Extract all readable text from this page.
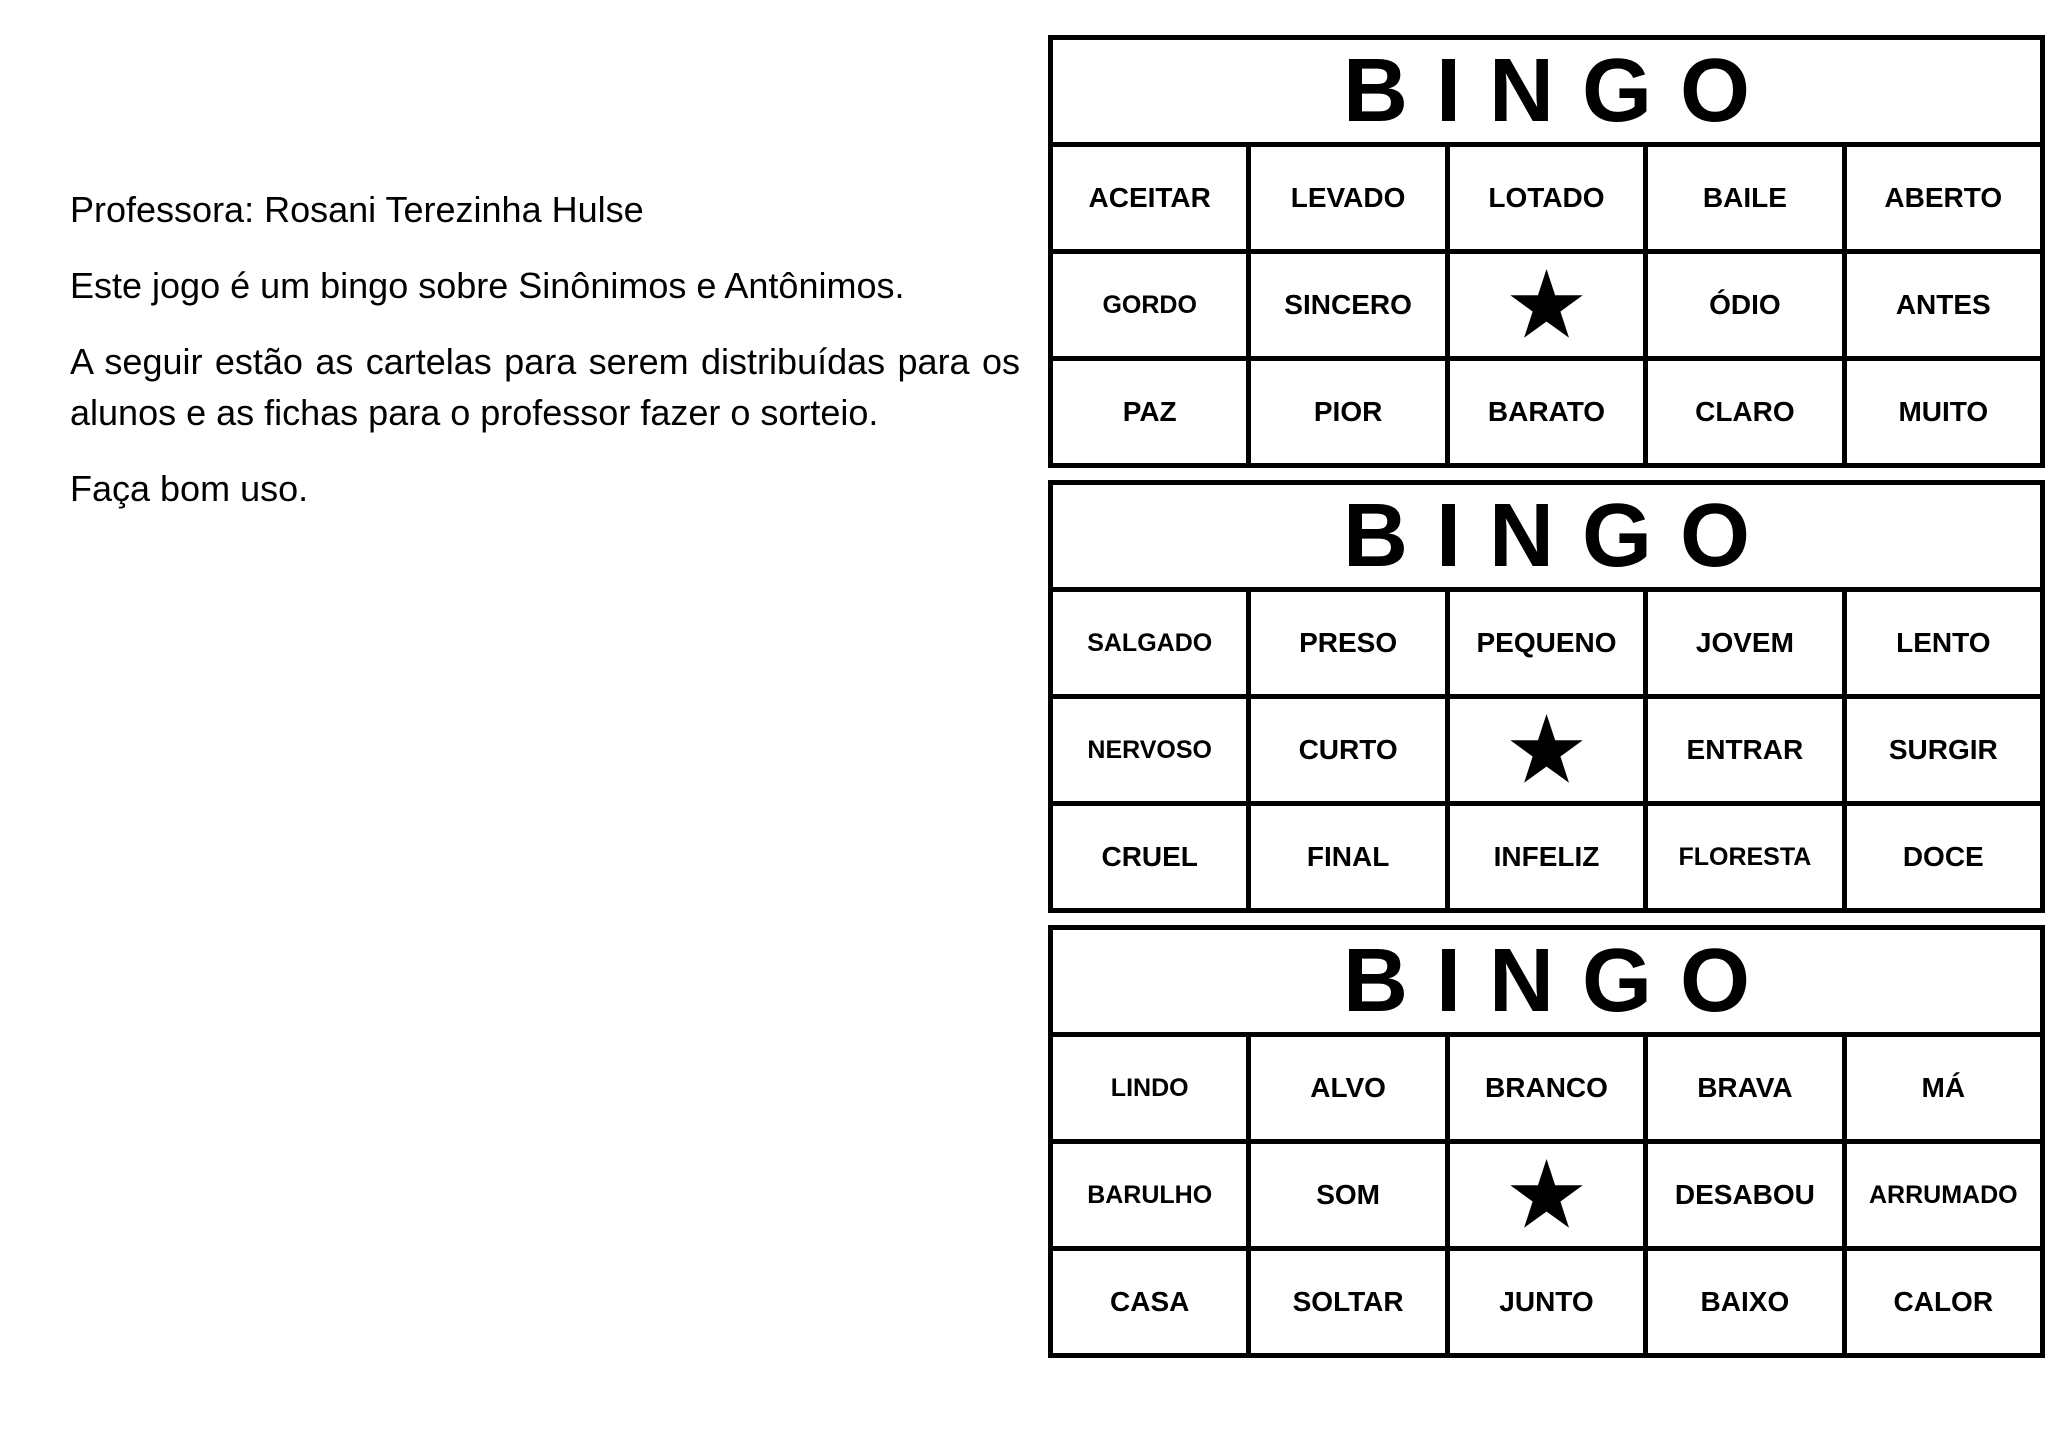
Professora: Rosani Terezinha Hulse

Este jogo é um bingo sobre Sinônimos e Antônimos.

A seguir estão as cartelas para serem distribuídas para os alunos e as fichas para o professor fazer o sorteio.

Faça bom uso.

BINGO
ACEITAR	LEVADO	LOTADO	BAILE	ABERTO
GORDO	SINCERO	★	ÓDIO	ANTES
PAZ	PIOR	BARATO	CLARO	MUITO
BINGO
SALGADO	PRESO	PEQUENO	JOVEM	LENTO
NERVOSO	CURTO	★	ENTRAR	SURGIR
CRUEL	FINAL	INFELIZ	FLORESTA	DOCE
BINGO
LINDO	ALVO	BRANCO	BRAVA	MÁ
BARULHO	SOM	★	DESABOU	ARRUMADO
CASA	SOLTAR	JUNTO	BAIXO	CALOR
